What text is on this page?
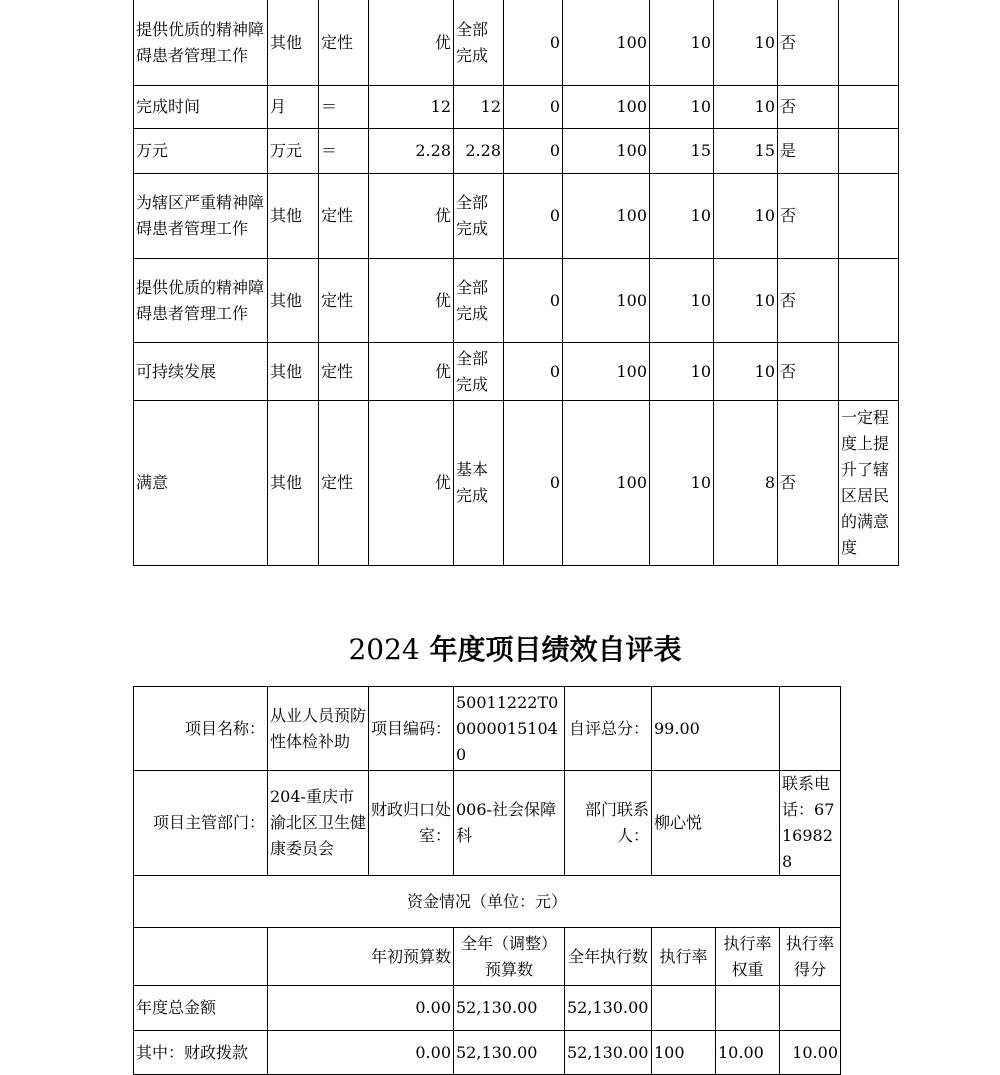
提供优质的精神障碍患者管理工作	其他	定性	优	全部完成	0	100	10	10	否	
完成时间	月	＝	12	12	0	100	10	10	否	
万元	万元	＝	2.28	2.28	0	100	15	15	是	
为辖区严重精神障碍患者管理工作	其他	定性	优	全部完成	0	100	10	10	否	
提供优质的精神障碍患者管理工作	其他	定性	优	全部完成	0	100	10	10	否	
可持续发展	其他	定性	优	全部完成	0	100	10	10	否	
满意	其他	定性	优	基本完成	0	100	10	8	否	一定程度上提升了辖区居民的满意度
2024 年度项目绩效自评表
项目名称：	从业人员预防性体检补助	项目编码：	50011222T000000151040	自评总分：	99.00		
项目主管部门：	204-重庆市渝北区卫生健康委员会	财政归口处室：	006-社会保障科	部门联系人：	柳心悦		联系电话：67169828
资金情况（单位：元）							
	年初预算数		全年（调整）预算数	全年执行数	执行率	执行率权重	执行率得分
年度总金额	0.00		52,130.00	52,130.00			
其中：财政拨款	0.00		52,130.00	52,130.00	100	10.00	10.00
